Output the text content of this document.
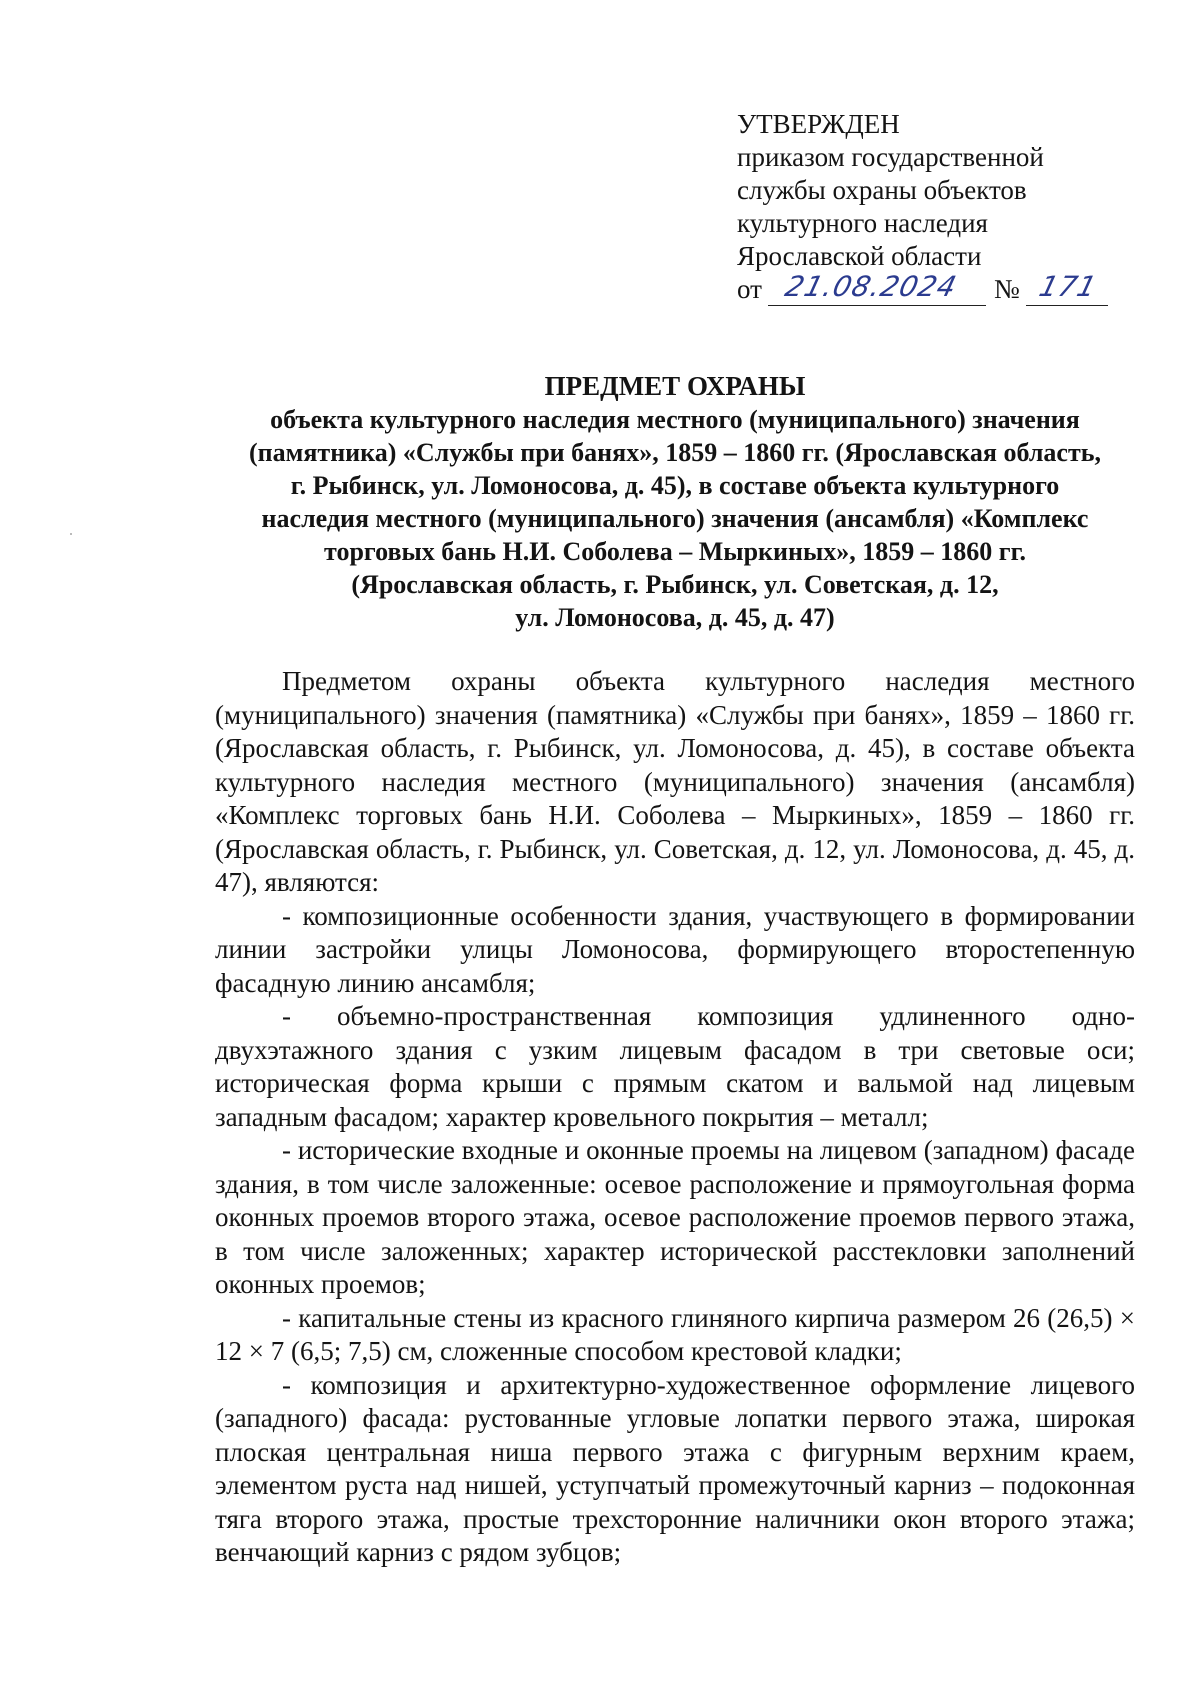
УТВЕРЖДЕН
приказом государственной
службы охраны объектов
культурного наследия
Ярославской области
от 21.08.2024 № 171
ПРЕДМЕТ ОХРАНЫ
объекта культурного наследия местного (муниципального) значения
(памятника) «Службы при банях», 1859 – 1860 гг. (Ярославская область,
г. Рыбинск, ул. Ломоносова, д. 45), в составе объекта культурного
наследия местного (муниципального) значения (ансамбля) «Комплекс
торговых бань Н.И. Соболева – Мыркиных», 1859 – 1860 гг.
(Ярославская область, г. Рыбинск, ул. Советская, д. 12,
ул. Ломоносова, д. 45, д. 47)

Предметом охраны объекта культурного наследия местного (муниципального) значения (памятника) «Службы при банях», 1859 – 1860 гг. (Ярославская область, г. Рыбинск, ул. Ломоносова, д. 45), в составе объекта культурного наследия местного (муниципального) значения (ансамбля) «Комплекс торговых бань Н.И. Соболева – Мыркиных», 1859 – 1860 гг. (Ярославская область, г. Рыбинск, ул. Советская, д. 12, ул. Ломоносова, д. 45, д. 47), являются:

- композиционные особенности здания, участвующего в формировании линии застройки улицы Ломоносова, формирующего второстепенную фасадную линию ансамбля;

- объемно-пространственная композиция удлиненного одно-двухэтажного здания с узким лицевым фасадом в три световые оси; историческая форма крыши с прямым скатом и вальмой над лицевым западным фасадом; характер кровельного покрытия – металл;

- исторические входные и оконные проемы на лицевом (западном) фасаде здания, в том числе заложенные: осевое расположение и прямоугольная форма оконных проемов второго этажа, осевое расположение проемов первого этажа, в том числе заложенных; характер исторической расстекловки заполнений оконных проемов;

- капитальные стены из красного глиняного кирпича размером 26 (26,5) × 12 × 7 (6,5; 7,5) см, сложенные способом крестовой кладки;

- композиция и архитектурно-художественное оформление лицевого (западного) фасада: рустованные угловые лопатки первого этажа, широкая плоская центральная ниша первого этажа с фигурным верхним краем, элементом руста над нишей, уступчатый промежуточный карниз – подоконная тяга второго этажа, простые трехсторонние наличники окон второго этажа; венчающий карниз с рядом зубцов;
